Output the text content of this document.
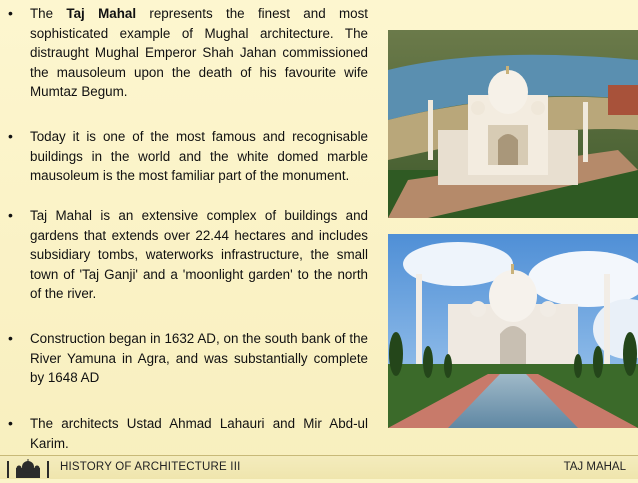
•	The Taj Mahal represents the finest and most sophisticated example of Mughal architecture. The distraught Mughal Emperor Shah Jahan commissioned the mausoleum upon the death of his favourite wife Mumtaz Begum.
•	Today it is one of the most famous and recognisable buildings in the world and the white domed marble mausoleum is the most familiar part of the monument.
•	Taj Mahal is an extensive complex of buildings and gardens that extends over 22.44 hectares and includes subsidiary tombs, waterworks infrastructure, the small town of 'Taj Ganji' and a 'moonlight garden' to the north of the river.
•	Construction began in 1632 AD, on the south bank of the River Yamuna in Agra, and was substantially complete by 1648 AD
•	The architects Ustad Ahmad Lahauri and Mir Abd-ul Karim.
HISTORY OF ARCHITECTURE III	TAJ MAHAL
